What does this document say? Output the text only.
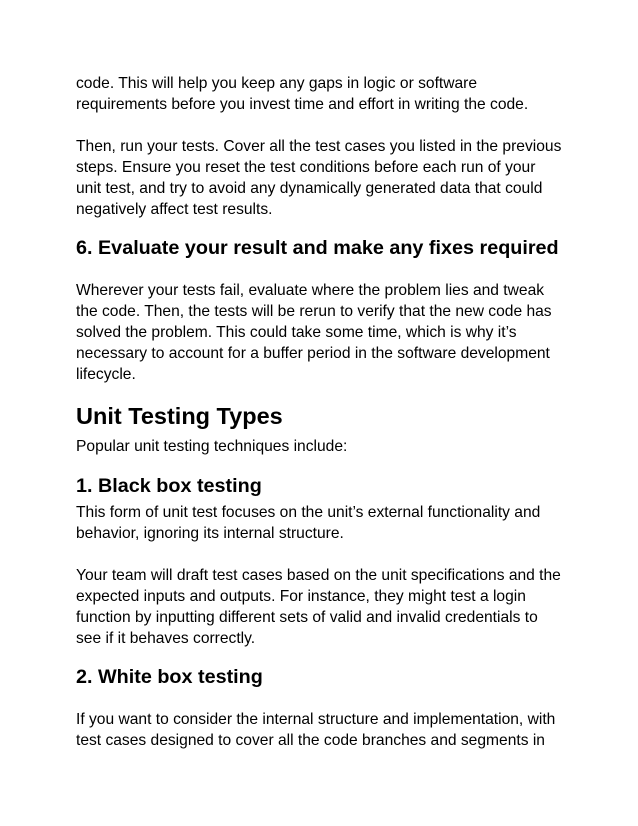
code. This will help you keep any gaps in logic or software
requirements before you invest time and effort in writing the code.

Then, run your tests. Cover all the test cases you listed in the previous
steps. Ensure you reset the test conditions before each run of your
unit test, and try to avoid any dynamically generated data that could
negatively affect test results.

6. Evaluate your result and make any fixes required

Wherever your tests fail, evaluate where the problem lies and tweak
the code. Then, the tests will be rerun to verify that the new code has
solved the problem. This could take some time, which is why it’s
necessary to account for a buffer period in the software development
lifecycle.

Unit Testing Types

Popular unit testing techniques include:

1. Black box testing

This form of unit test focuses on the unit’s external functionality and
behavior, ignoring its internal structure.

Your team will draft test cases based on the unit specifications and the
expected inputs and outputs. For instance, they might test a login
function by inputting different sets of valid and invalid credentials to
see if it behaves correctly.

2. White box testing

If you want to consider the internal structure and implementation, with
test cases designed to cover all the code branches and segments in
